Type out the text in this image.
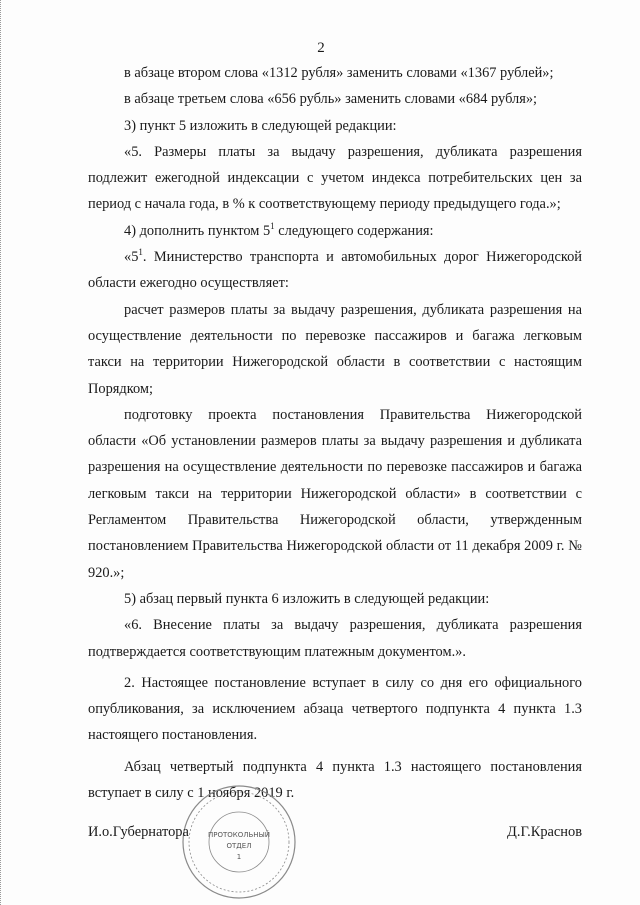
2

в абзаце втором слова «1312 рубля» заменить словами «1367 рублей»;

в абзаце третьем слова «656 рубль» заменить словами «684 рубля»;

3) пункт 5 изложить в следующей редакции:

«5. Размеры платы за выдачу разрешения, дубликата разрешения подлежит ежегодной индексации с учетом индекса потребительских цен за период с начала года, в % к соответствующему периоду предыдущего года.»;

4) дополнить пунктом $5^1$ следующего содержания:

«$5^1$. Министерство транспорта и автомобильных дорог Нижегородской области ежегодно осуществляет:

расчет размеров платы за выдачу разрешения, дубликата разрешения на осуществление деятельности по перевозке пассажиров и багажа легковым такси на территории Нижегородской области в соответствии с настоящим Порядком;

подготовку проекта постановления Правительства Нижегородской области «Об установлении размеров платы за выдачу разрешения и дубликата разрешения на осуществление деятельности по перевозке пассажиров и багажа легковым такси на территории Нижегородской области» в соответствии с Регламентом Правительства Нижегородской области, утвержденным постановлением Правительства Нижегородской области от 11 декабря 2009 г. № 920.»;

5) абзац первый пункта 6 изложить в следующей редакции:

«6. Внесение платы за выдачу разрешения, дубликата разрешения подтверждается соответствующим платежным документом.».

2. Настоящее постановление вступает в силу со дня его официального опубликования, за исключением абзаца четвертого подпункта 4 пункта 1.3 настоящего постановления.

Абзац четвертый подпункта 4 пункта 1.3 настоящего постановления вступает в силу с 1 ноября 2019 г.

ПРОТОКОЛЬНЫЙ
ОТДЕЛ
1
И.о.Губернатора	Д.Г.Краснов
